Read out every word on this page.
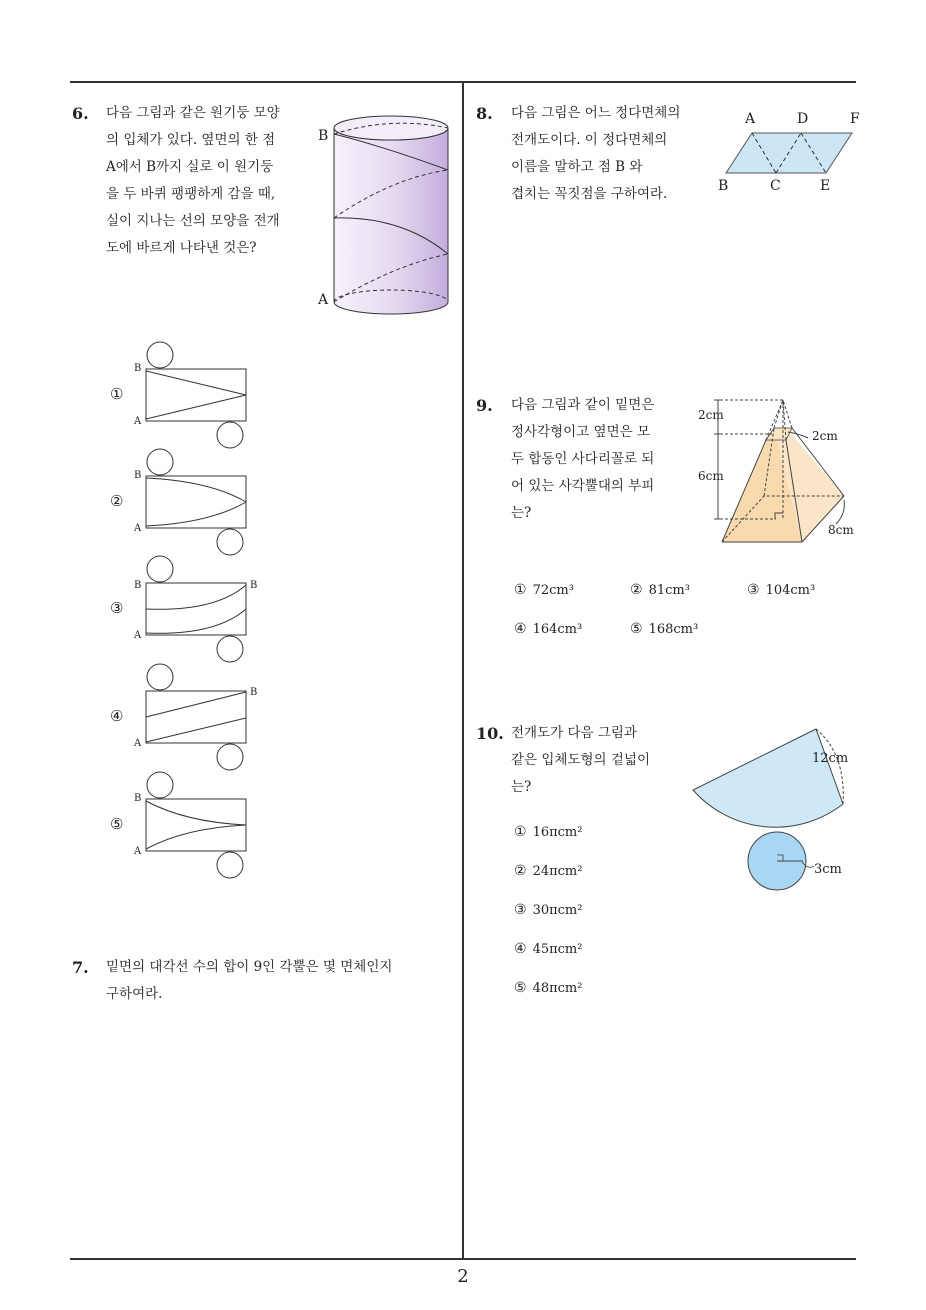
6. 다음 그림과 같은 원기둥 모양
의 입체가 있다. 옆면의 한 점
A에서 B까지 실로 이 원기둥
을 두 바퀴 팽팽하게 감을 때,
실이 지나는 선의 모양을 전개
도에 바르게 나타낸 것은?
B
A
①
B
A
②
B
A
③
B
A
B
④
A
B
⑤
B
A
7. 밑면의 대각선 수의 합이 9인 각뿔은 몇 면체인지
구하여라.
8. 다음 그림은 어느 정다면체의
전개도이다. 이 정다면체의
이름을 말하고 점 B 와
겹치는 꼭짓점을 구하여라.
A	D	F
B	C	E
9. 다음 그림과 같이 밑면은
정사각형이고 옆면은 모
두 합동인 사다리꼴로 되
어 있는 사각뿔대의 부피
는?
2cm
2cm
6cm
8cm
① 72cm³	② 81cm³	③ 104cm³
④ 164cm³	⑤ 168cm³
10. 전개도가 다음 그림과
같은 입체도형의 겉넓이
는?
12cm
3cm
① 16πcm²
② 24πcm²
③ 30πcm²
④ 45πcm²
⑤ 48πcm²
2
